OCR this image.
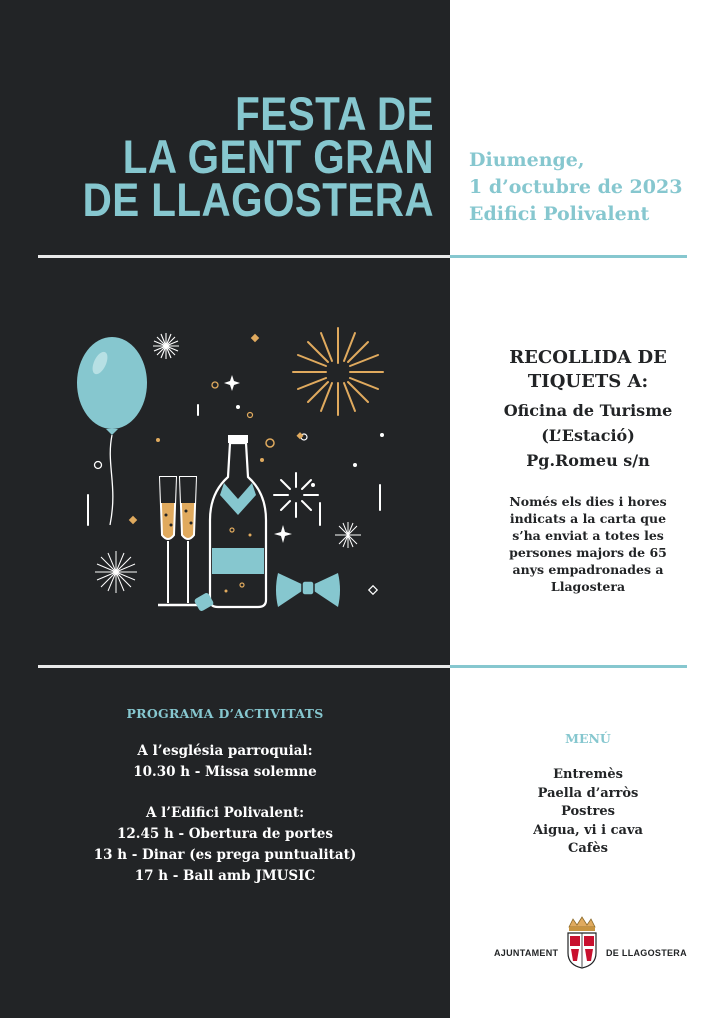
FESTA DE
LA GENT GRAN
DE LLAGOSTERA
Diumenge,
1 d’octubre de 2023
Edifici Polivalent
RECOLLIDA DE
TIQUETS A:
Oficina de Turisme
(L’Estació)
Pg.Romeu s/n
Només els dies i hores
indicats a la carta que
s’ha enviat a totes les
persones majors de 65
anys empadronades a
Llagostera
PROGRAMA D’ACTIVITATS
A l’església parroquial:
10.30 h - Missa solemne
A l’Edifici Polivalent:
12.45 h - Obertura de portes
13 h - Dinar (es prega puntualitat)
17 h - Ball amb JMUSIC
MENÚ
Entremès
Paella d’arròs
Postres
Aigua, vi i cava
Cafès
AJUNTAMENT	DE LLAGOSTERA
